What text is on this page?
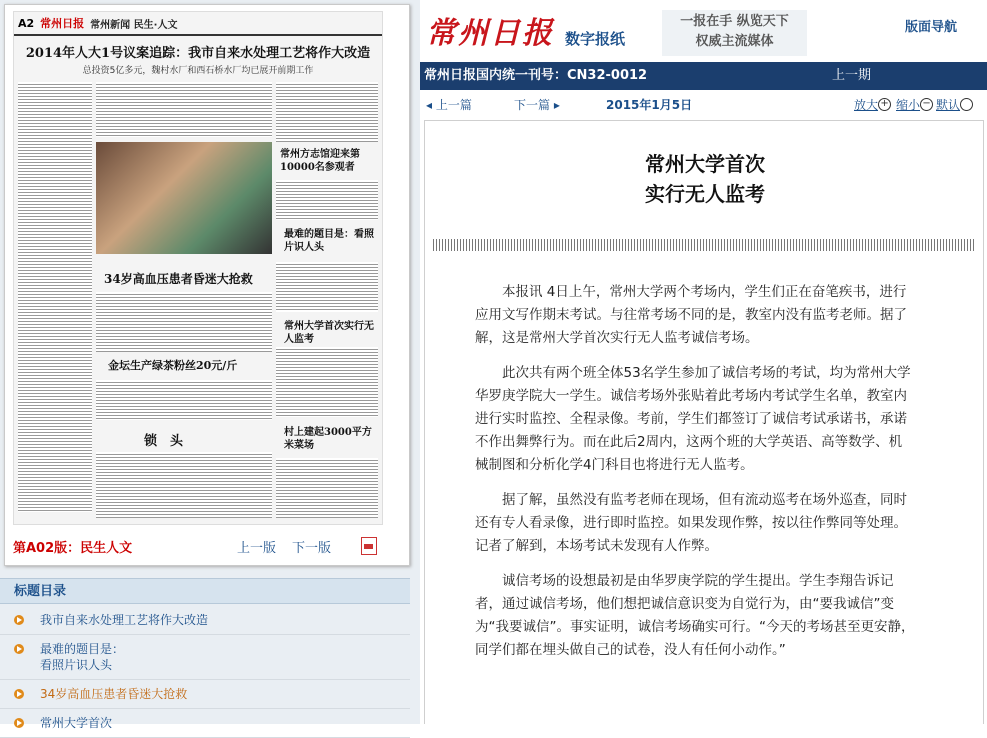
A2 常州日报 常州新闻 民生·人文
2014年人大1号议案追踪：我市自来水处理工艺将作大改造
总投资5亿多元，魏村水厂和西石桥水厂均已展开前期工作
常州方志馆迎来第10000名参观者
最难的题目是：看照片识人头
34岁高血压患者昏迷大抢救
常州大学首次实行无人监考
金坛生产绿茶粉丝20元/斤
锁　头
村上建起3000平方米菜场
第A02版：民生人文	上一版 下一版
标题目录
我市自来水处理工艺将作大改造
最难的题目是：
看照片识人头
34岁高血压患者昏迷大抢救
常州大学首次
常州日报 数字报纸
一报在手 纵览天下
权威主流媒体
版面导航
常州日报国内统一刊号：CN32-0012	上一期
◂ 上一篇	下一篇 ▸	2015年1月5日	放大 + 缩小 − 默认
常州大学首次
实行无人监考

本报讯 4日上午，常州大学两个考场内，学生们正在奋笔疾书，进行应用文写作期末考试。与往常考场不同的是，教室内没有监考老师。据了解，这是常州大学首次实行无人监考诚信考场。

此次共有两个班全体53名学生参加了诚信考场的考试，均为常州大学华罗庚学院大一学生。诚信考场外张贴着此考场内考试学生名单，教室内进行实时监控、全程录像。考前，学生们都签订了诚信考试承诺书，承诺不作出舞弊行为。而在此后2周内，这两个班的大学英语、高等数学、机械制图和分析化学4门科目也将进行无人监考。

据了解，虽然没有监考老师在现场，但有流动巡考在场外巡查，同时还有专人看录像，进行即时监控。如果发现作弊，按以往作弊同等处理。记者了解到，本场考试未发现有人作弊。

诚信考场的设想最初是由华罗庚学院的学生提出。学生李翔告诉记者，通过诚信考场，他们想把诚信意识变为自觉行为，由“要我诚信”变为“我要诚信”。事实证明，诚信考场确实可行。“今天的考场甚至更安静，同学们都在埋头做自己的试卷，没人有任何小动作。”
